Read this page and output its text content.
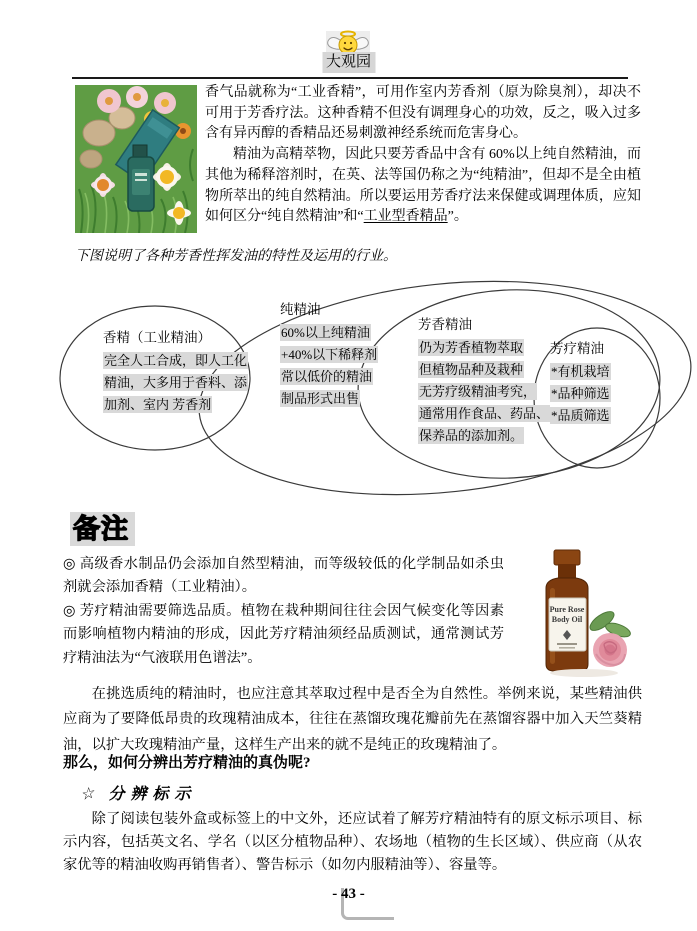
大观园

香气品就称为“工业香精”，可用作室内芳香剂（原为除臭剂），却决不可用于芳香疗法。这种香精不但没有调理身心的功效，反之，吸入过多含有异丙醇的香精品还易刺激神经系统而危害身心。

精油为高精萃物，因此只要芳香品中含有 60%以上纯自然精油，而其他为稀释溶剂时，在英、法等国仍称之为“纯精油”，但却不是全由植物所萃出的纯自然精油。所以要运用芳香疗法来保健或调理体质，应知如何区分“纯自然精油”和“工业型香精品”。

下图说明了各种芳香性挥发油的特性及运用的行业。

香精（工业精油）
完全人工合成，即人工化
精油，大多用于香料、添
加剂、室内 芳香剂
纯精油
60%以上纯精油
+40%以下稀释剂
常以低价的精油
制品形式出售
芳香精油
仍为芳香植物萃取
但植物品种及栽种
无芳疗级精油考究，
通常用作食品、药品、
保养品的添加剂。
芳疗精油
*有机栽培
*品种筛选
*品质筛选
备注
Pure Rose
Body Oil

◎ 高级香水制品仍会添加自然型精油，而等级较低的化学制品如杀虫剂就会添加香精（工业精油）。

◎ 芳疗精油需要筛选品质。植物在栽种期间往往会因气候变化等因素而影响植物内精油的形成，因此芳疗精油须经品质测试，通常测试芳疗精油法为“气液联用色谱法”。

在挑选质纯的精油时，也应注意其萃取过程中是否全为自然性。举例来说，某些精油供应商为了要降低昂贵的玫瑰精油成本，往往在蒸馏玫瑰花瓣前先在蒸馏容器中加入天竺葵精油，以扩大玫瑰精油产量，这样生产出来的就不是纯正的玫瑰精油了。

那么，如何分辨出芳疗精油的真伪呢?

☆ 分辨标示

除了阅读包装外盒或标签上的中文外，还应试着了解芳疗精油特有的原文标示项目、标示内容，包括英文名、学名（以区分植物品种）、农场地（植物的生长区域）、供应商（从农家优等的精油收购再销售者）、警告标示（如勿内服精油等）、容量等。

- 43 -
